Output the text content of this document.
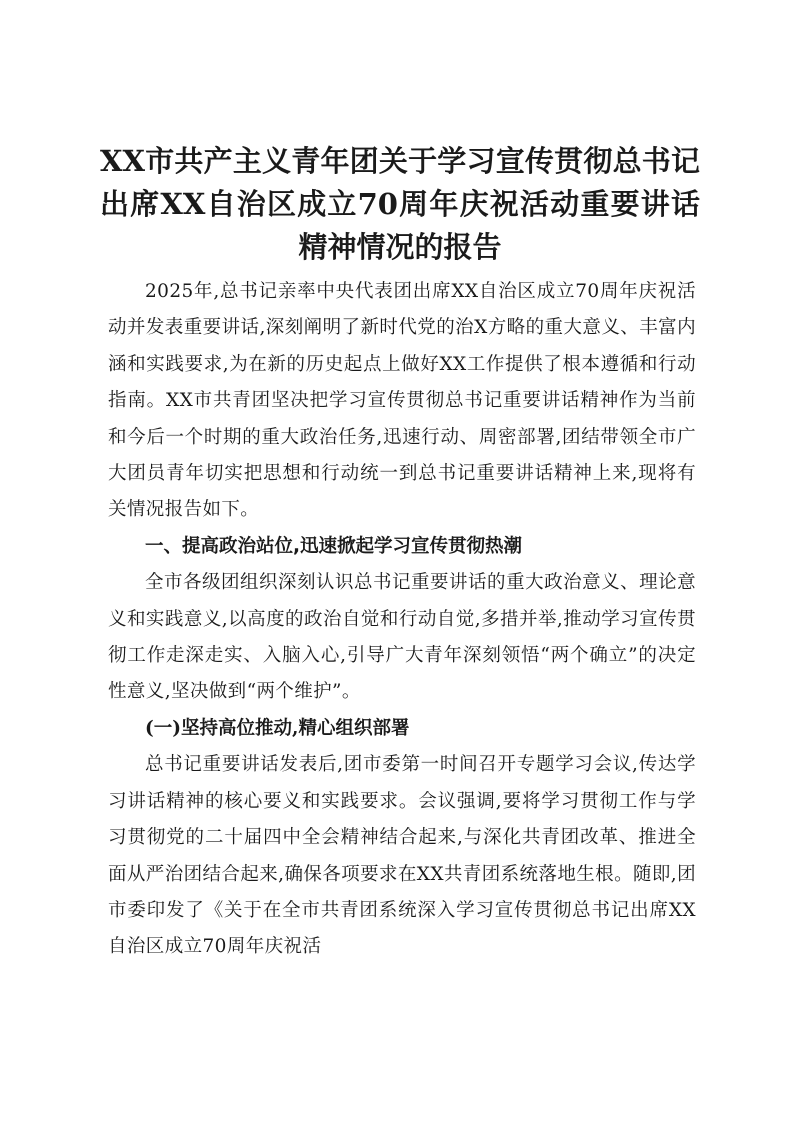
XX市共产主义青年团关于学习宣传贯彻总书记出席XX自治区成立70周年庆祝活动重要讲话精神情况的报告

2025年,总书记亲率中央代表团出席XX自治区成立70周年庆祝活动并发表重要讲话,深刻阐明了新时代党的治X方略的重大意义、丰富内涵和实践要求,为在新的历史起点上做好XX工作提供了根本遵循和行动指南。XX市共青团坚决把学习宣传贯彻总书记重要讲话精神作为当前和今后一个时期的重大政治任务,迅速行动、周密部署,团结带领全市广大团员青年切实把思想和行动统一到总书记重要讲话精神上来,现将有关情况报告如下。

一、提高政治站位,迅速掀起学习宣传贯彻热潮

全市各级团组织深刻认识总书记重要讲话的重大政治意义、理论意义和实践意义,以高度的政治自觉和行动自觉,多措并举,推动学习宣传贯彻工作走深走实、入脑入心,引导广大青年深刻领悟“两个确立”的决定性意义,坚决做到“两个维护”。

(一)坚持高位推动,精心组织部署

总书记重要讲话发表后,团市委第一时间召开专题学习会议,传达学习讲话精神的核心要义和实践要求。会议强调,要将学习贯彻工作与学习贯彻党的二十届四中全会精神结合起来,与深化共青团改革、推进全面从严治团结合起来,确保各项要求在XX共青团系统落地生根。随即,团市委印发了《关于在全市共青团系统深入学习宣传贯彻总书记出席XX自治区成立70周年庆祝活
